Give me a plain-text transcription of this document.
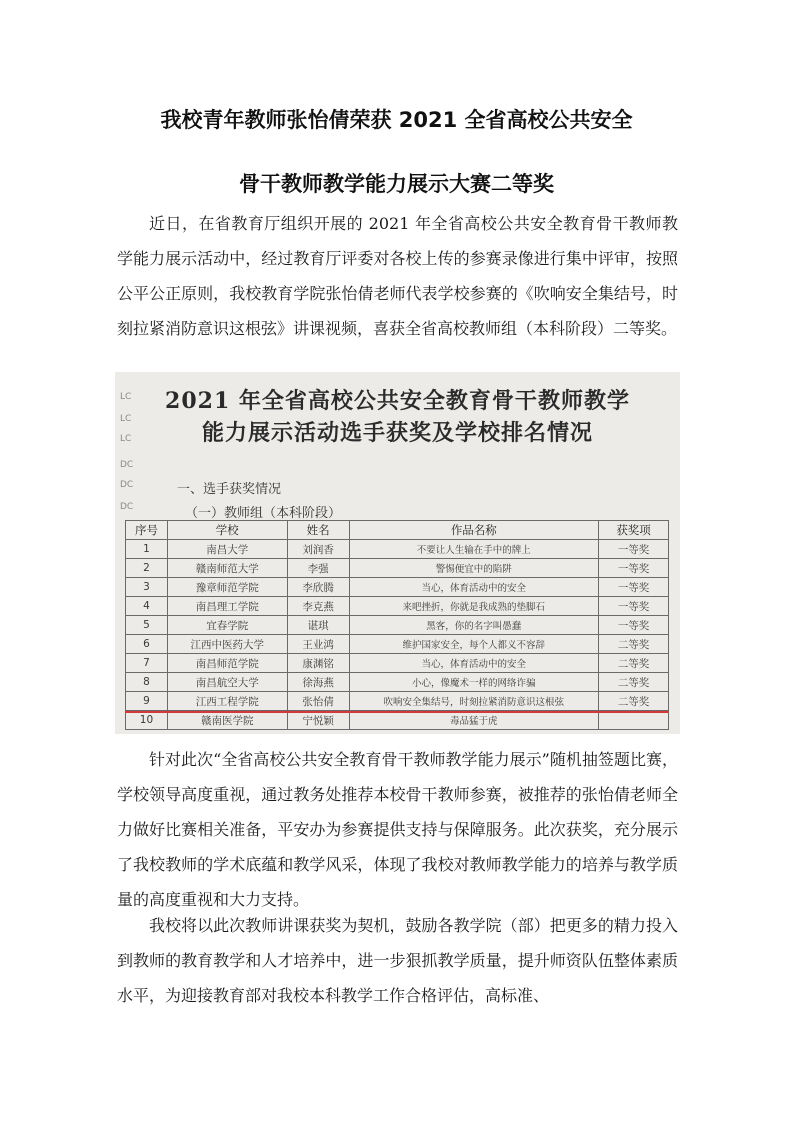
我校青年教师张怡倩荣获 2021 全省高校公共安全
骨干教师教学能力展示大赛二等奖

近日，在省教育厅组织开展的 2021 年全省高校公共安全教育骨干教师教学能力展示活动中，经过教育厅评委对各校上传的参赛录像进行集中评审，按照公平公正原则，我校教育学院张怡倩老师代表学校参赛的《吹响安全集结号，时刻拉紧消防意识这根弦》讲课视频，喜获全省高校教师组（本科阶段）二等奖。

2021 年全省高校公共安全教育骨干教师教学
能力展示活动选手获奖及学校排名情况
LC
LC
LC
DC
DC
DC
一、选手获奖情况
（一）教师组（本科阶段）
序号	学校	姓名	作品名称	获奖项
1	南昌大学	刘润香	不要让人生输在手中的牌上	一等奖
2	赣南师范大学	李强	警惕便宜中的陷阱	一等奖
3	豫章师范学院	李欣腾	当心，体育活动中的安全	一等奖
4	南昌理工学院	李克燕	来吧挫折，你就是我成熟的垫脚石	一等奖
5	宜春学院	谌琪	黑客，你的名字叫愚蠢	一等奖
6	江西中医药大学	王业鸿	维护国家安全，每个人都义不容辞	二等奖
7	南昌师范学院	康渊铭	当心，体育活动中的安全	二等奖
8	南昌航空大学	徐海燕	小心，像魔术一样的网络诈骗	二等奖
9	江西工程学院	张怡倩	吹响安全集结号，时刻拉紧消防意识这根弦	二等奖
10	赣南医学院	宁悦颖	毒品猛于虎	

针对此次“全省高校公共安全教育骨干教师教学能力展示”随机抽签题比赛，学校领导高度重视，通过教务处推荐本校骨干教师参赛，被推荐的张怡倩老师全力做好比赛相关准备，平安办为参赛提供支持与保障服务。此次获奖，充分展示了我校教师的学术底蕴和教学风采，体现了我校对教师教学能力的培养与教学质量的高度重视和大力支持。

我校将以此次教师讲课获奖为契机，鼓励各教学院（部）把更多的精力投入到教师的教育教学和人才培养中，进一步狠抓教学质量，提升师资队伍整体素质水平，为迎接教育部对我校本科教学工作合格评估，高标准、
